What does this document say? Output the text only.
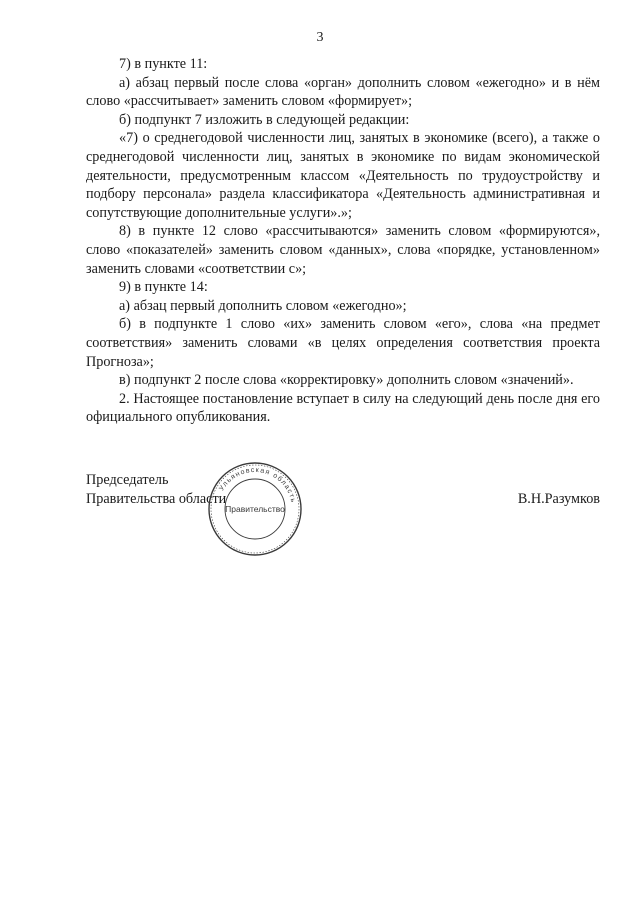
3

7) в пункте 11:

а) абзац первый после слова «орган» дополнить словом «ежегодно» и в нём слово «рассчитывает» заменить словом «формирует»;

б) подпункт 7 изложить в следующей редакции:

«7) о среднегодовой численности лиц, занятых в экономике (всего), а также о среднегодовой численности лиц, занятых в экономике по видам экономической деятельности, предусмотренным классом «Деятельность по трудоустройству и подбору персонала» раздела классификатора «Деятельность административная и сопутствующие дополнительные услуги».»;

8) в пункте 12 слово «рассчитываются» заменить словом «формируются», слово «показателей» заменить словом «данных», слова «порядке, установленном» заменить словами «соответствии с»;

9) в пункте 14:

а) абзац первый дополнить словом «ежегодно»;

б) в подпункте 1 слово «их» заменить словом «его», слова «на предмет соответствия» заменить словами «в целях определения соответствия проекта Прогноза»;

в) подпункт 2 после слова «корректировку» дополнить словом «значений».

2. Настоящее постановление вступает в силу на следующий день после дня его официального опубликования.

Председатель
Правительства области	В.Н.Разумков
Ульяновская область
Правительство
